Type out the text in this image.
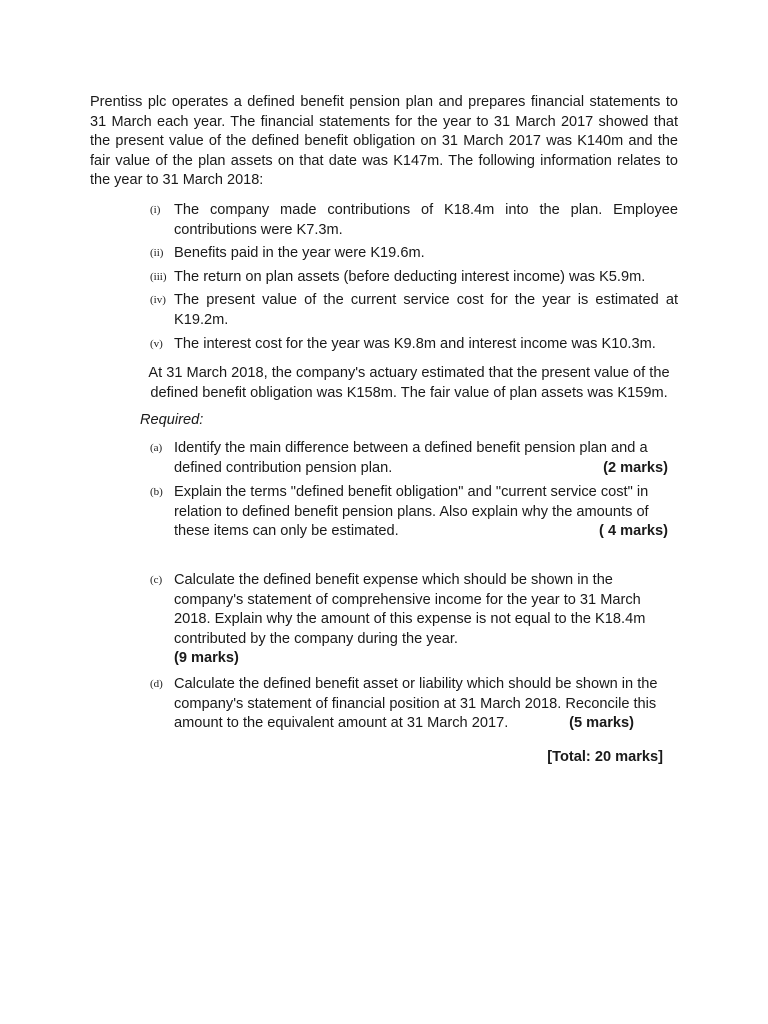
Prentiss plc operates a defined benefit pension plan and prepares financial statements to 31 March each year. The financial statements for the year to 31 March 2017 showed that the present value of the defined benefit obligation on 31 March 2017 was K140m and the fair value of the plan assets on that date was K147m. The following information relates to the year to 31 March 2018:

(i) The company made contributions of K18.4m into the plan. Employee contributions were K7.3m.
(ii) Benefits paid in the year were K19.6m.
(iii) The return on plan assets (before deducting interest income) was K5.9m.
(iv) The present value of the current service cost for the year is estimated at K19.2m.
(v) The interest cost for the year was K9.8m and interest income was K10.3m.

At 31 March 2018, the company's actuary estimated that the present value of the defined benefit obligation was K158m. The fair value of plan assets was K159m.

Required:
(a) Identify the main difference between a defined benefit pension plan and a defined contribution pension plan.	(2 marks)
(b) Explain the terms "defined benefit obligation" and "current service cost" in relation to defined benefit pension plans. Also explain why the amounts of these items can only be estimated.	( 4 marks)
(c) Calculate the defined benefit expense which should be shown in the company's statement of comprehensive income for the year to 31 March 2018. Explain why the amount of this expense is not equal to the K18.4m contributed by the company during the year.
(9 marks)
(d) Calculate the defined benefit asset or liability which should be shown in the company's statement of financial position at 31 March 2018. Reconcile this amount to the equivalent amount at 31 March 2017.	(5 marks)
[Total: 20 marks]
